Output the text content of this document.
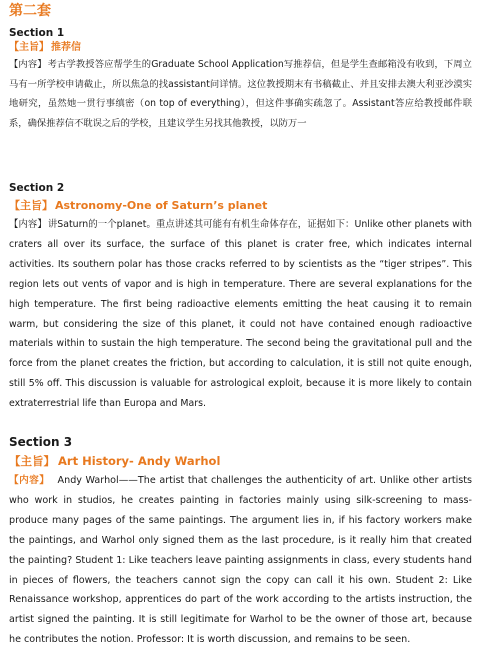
第二套
Section 1

【主旨】 推荐信

【内容】考古学教授答应帮学生的Graduate School Application写推荐信，但是学生查邮箱没有收到，下周立马有一所学校申请截止，所以焦急的找assistant问详情。这位教授期末有书稿截止、并且安排去澳大利亚沙漠实地研究，虽然她一贯行事缜密（on top of everything），但这件事确实疏忽了。Assistant答应给教授邮件联系，确保推荐信不耽误之后的学校，且建议学生另找其他教授，以防万一

Section 2

【主旨】 Astronomy-One of Saturn’s planet

【内容】讲Saturn的一个planet。重点讲述其可能有有机生命体存在，证据如下：Unlike other planets with craters all over its surface, the surface of this planet is crater free, which indicates internal activities. Its southern polar has those cracks referred to by scientists as the “tiger stripes”. This region lets out vents of vapor and is high in temperature. There are several explanations for the high temperature. The first being radioactive elements emitting the heat causing it to remain warm, but considering the size of this planet, it could not have contained enough radioactive materials within to sustain the high temperature. The second being the gravitational pull and the force from the planet creates the friction, but according to calculation, it is still not quite enough, still 5% off. This discussion is valuable for astrological exploit, because it is more likely to contain extraterrestrial life than Europa and Mars.

Section 3

【主旨】 Art History- Andy Warhol

【内容】 Andy Warhol——The artist that challenges the authenticity of art. Unlike other artists who work in studios, he creates painting in factories mainly using silk-screening to mass-produce many pages of the same paintings. The argument lies in, if his factory workers make the paintings, and Warhol only signed them as the last procedure, is it really him that created the painting? Student 1: Like teachers leave painting assignments in class, every students hand in pieces of flowers, the teachers cannot sign the copy can call it his own. Student 2: Like Renaissance workshop, apprentices do part of the work according to the artists instruction, the artist signed the painting. It is still legitimate for Warhol to be the owner of those art, because he contributes the notion. Professor: It is worth discussion, and remains to be seen.
